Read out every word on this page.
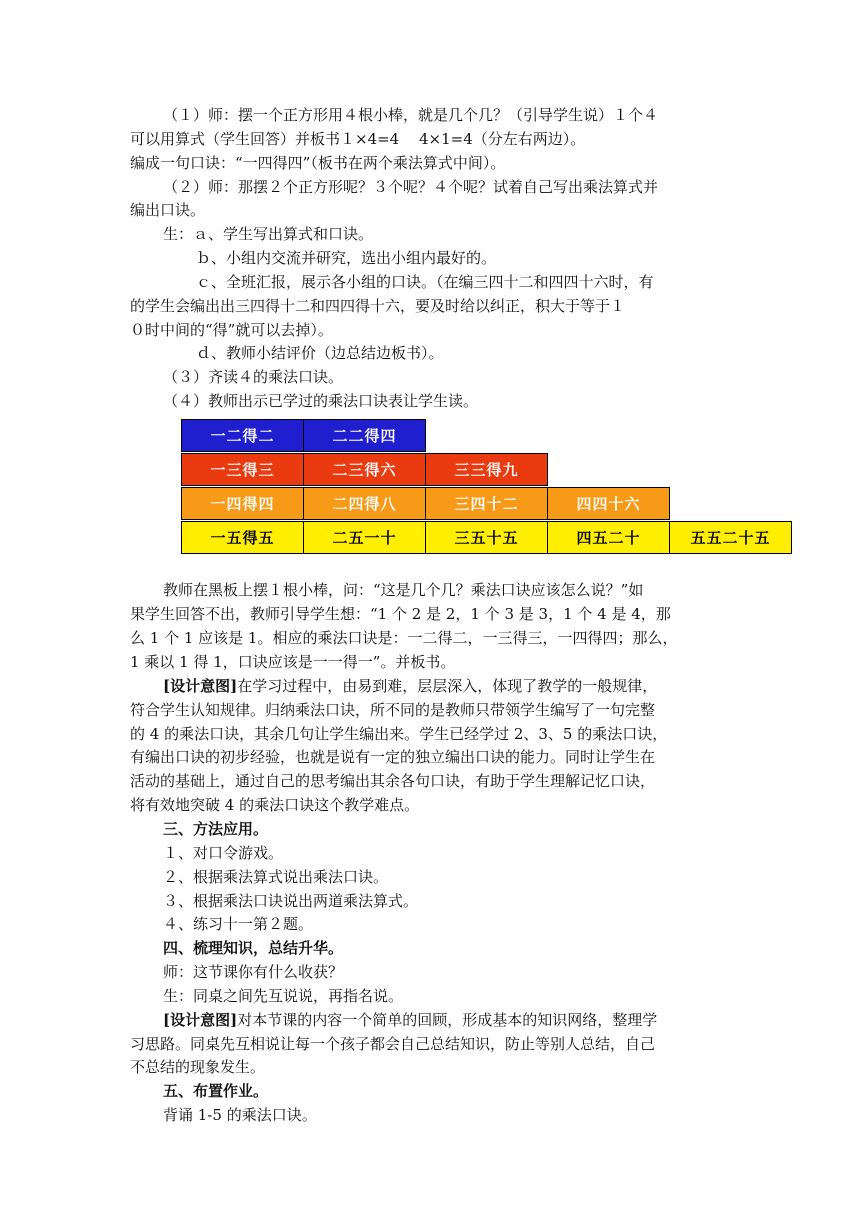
（１）师：摆一个正方形用４根小棒，就是几个几？（引导学生说）１个４
可以用算式（学生回答）并板书１×4=4　 4×1=4（分左右两边）。
编成一句口诀：“一四得四”（板书在两个乘法算式中间）。
（２）师：那摆２个正方形呢？３个呢？４个呢？试着自己写出乘法算式并
编出口诀。
生：ａ、学生写出算式和口诀。
ｂ、小组内交流并研究，选出小组内最好的。
ｃ、全班汇报，展示各小组的口诀。（在编三四十二和四四十六时，有
的学生会编出出三四得十二和四四得十六，要及时给以纠正，积大于等于１
０时中间的“得”就可以去掉）。
ｄ、教师小结评价（边总结边板书）。
（３）齐读４的乘法口诀。
（４）教师出示已学过的乘法口诀表让学生读。
一二得二	二二得四
一三得三	二三得六	三三得九
一四得四	二四得八	三四十二	四四十六
一五得五	二五一十	三五十五	四五二十	五五二十五
教师在黑板上摆１根小棒，问：“这是几个几？乘法口诀应该怎么说？”如
果学生回答不出，教师引导学生想：“1 个 2 是 2，1 个 3 是 3，1 个 4 是 4，那
么 1 个 1 应该是 1。相应的乘法口诀是：一二得二，一三得三，一四得四；那么，
1 乘以 1 得 1，口诀应该是一一得一”。并板书。
[设计意图]在学习过程中，由易到难，层层深入，体现了教学的一般规律，
符合学生认知规律。归纳乘法口诀，所不同的是教师只带领学生编写了一句完整
的 4 的乘法口诀，其余几句让学生编出来。学生已经学过 2、3、5 的乘法口诀，
有编出口诀的初步经验，也就是说有一定的独立编出口诀的能力。同时让学生在
活动的基础上，通过自己的思考编出其余各句口诀，有助于学生理解记忆口诀，
将有效地突破 4 的乘法口诀这个教学难点。
三、方法应用。
１、对口令游戏。
２、根据乘法算式说出乘法口诀。
３、根据乘法口诀说出两道乘法算式。
４、练习十一第２题。
四、梳理知识，总结升华。
师：这节课你有什么收获？
生：同桌之间先互说说，再指名说。
[设计意图]对本节课的内容一个简单的回顾，形成基本的知识网络，整理学
习思路。同桌先互相说让每一个孩子都会自己总结知识，防止等别人总结，自己
不总结的现象发生。
五、布置作业。
背诵 1-5 的乘法口诀。
